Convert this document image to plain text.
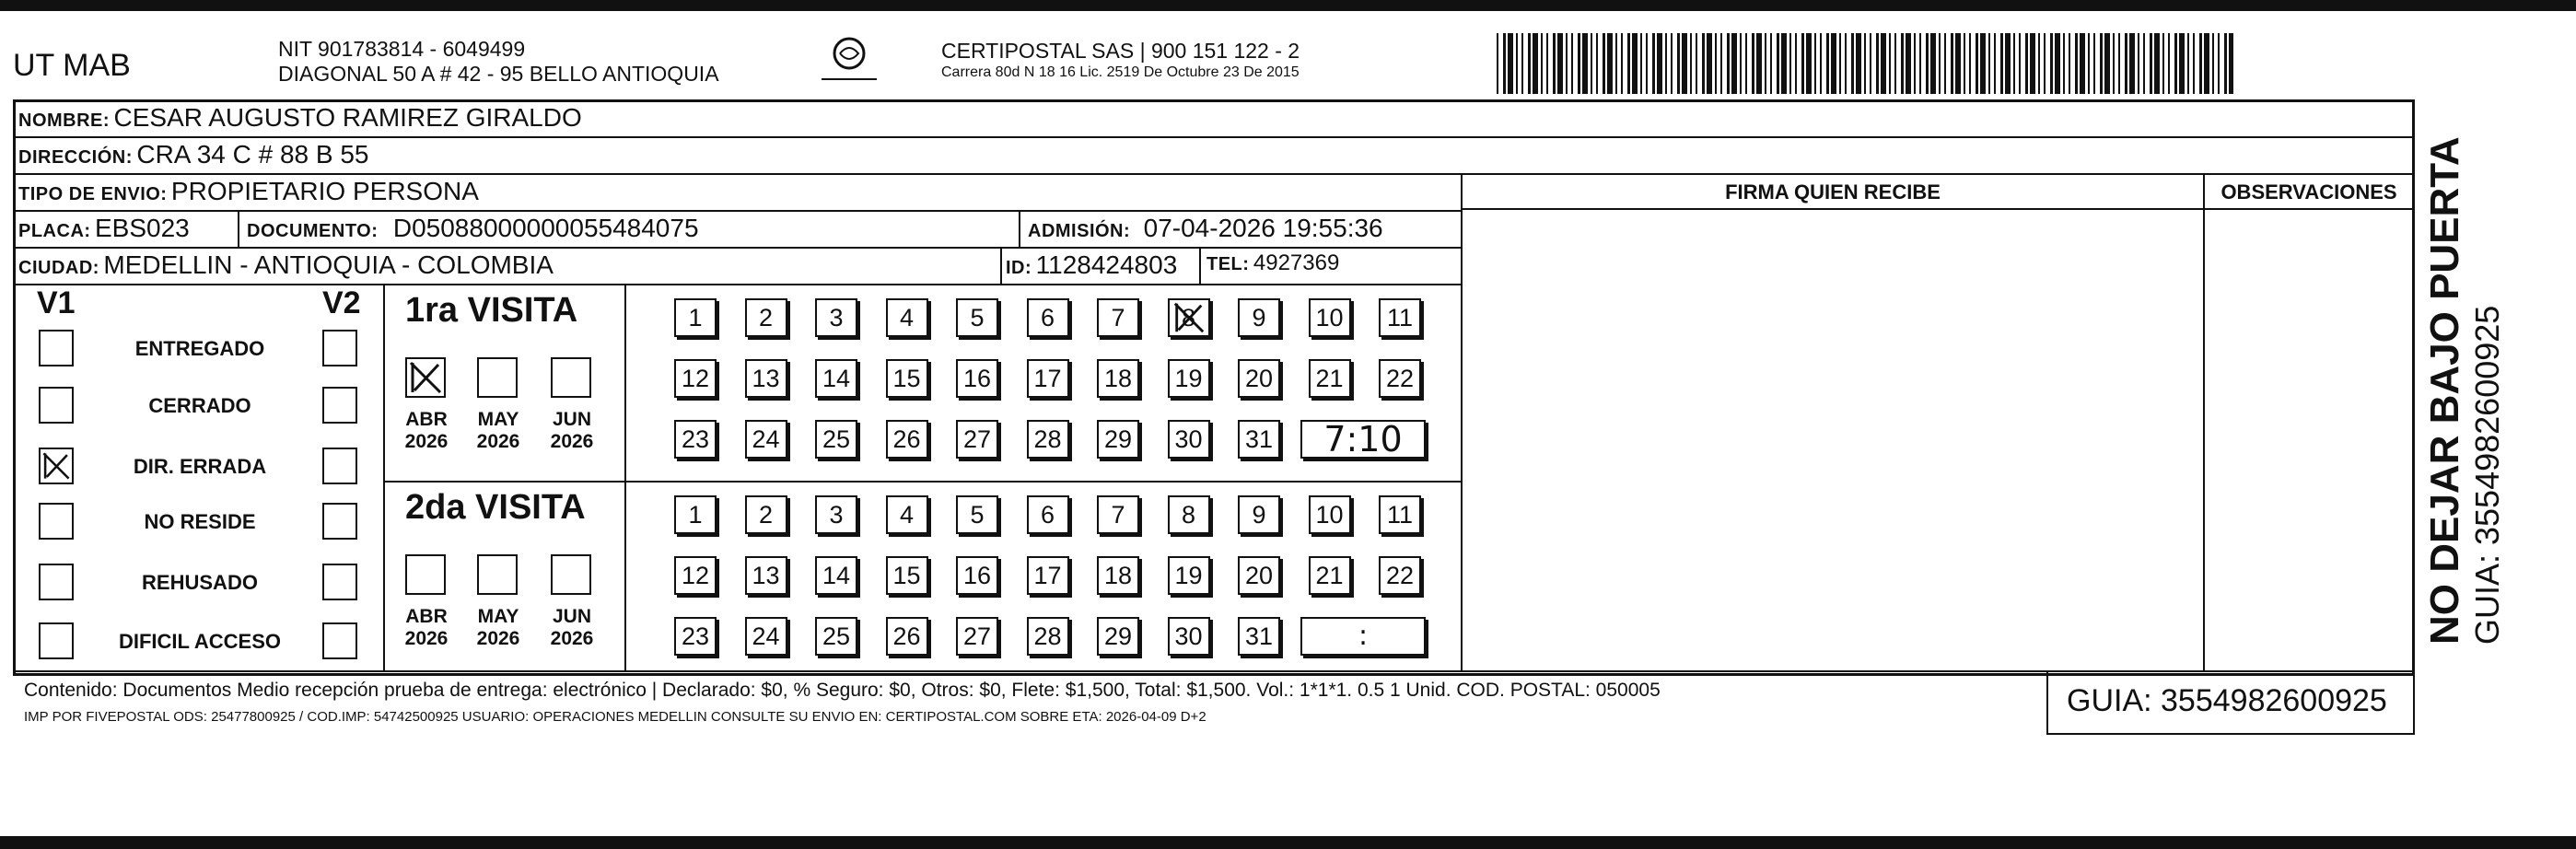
UT MAB	NIT 901783814 - 6049499
DIAGONAL 50 A # 42 - 95 BELLO ANTIOQUIA
CERTIPOSTAL SAS | 900 151 122 - 2
Carrera 80d N 18 16 Lic. 2519 De Octubre 23 De 2015
NOMBRE: CESAR AUGUSTO RAMIREZ GIRALDO
DIRECCIÓN: CRA 34 C # 88 B 55
TIPO DE ENVIO: PROPIETARIO PERSONA
PLACA: EBS023	DOCUMENTO: D05088000000055484075	ADMISIÓN: 07-04-2026 19:55:36
CIUDAD: MEDELLIN - ANTIOQUIA - COLOMBIA	ID: 1128424803 TEL: 4927369
FIRMA QUIEN RECIBE	OBSERVACIONES
V1	V2
ENTREGADO
CERRADO
DIR. ERRADA
NO RESIDE
REHUSADO
DIFICIL ACCESO
1ra VISITA
ABR
2026
MAY
2026
JUN
2026
1	2	3	4	5	6	7	8	9	10	11
12 13 14 15 16 17 18 19 20 21 22
23 24 25 26 27 28 29 30 31	7:10
2da VISITA
ABR
2026
MAY
2026
JUN
2026
1	2	3	4	5	6	7	8	9	10	11
12 13 14 15 16 17 18 19 20 21 22
23 24 25 26 27 28 29 30 31	:
Contenido: Documentos Medio recepción prueba de entrega: electrónico | Declarado: $0, % Seguro: $0, Otros: $0, Flete: $1,500, Total: $1,500. Vol.: 1*1*1. 0.5 1 Unid. COD. POSTAL: 050005
IMP POR FIVEPOSTAL ODS: 25477800925 / COD.IMP: 54742500925 USUARIO: OPERACIONES MEDELLIN CONSULTE SU ENVIO EN: CERTIPOSTAL.COM SOBRE ETA: 2026-04-09 D+2	GUIA: 3554982600925
NO DEJAR BAJO PUERTA GUIA: 3554982600925
